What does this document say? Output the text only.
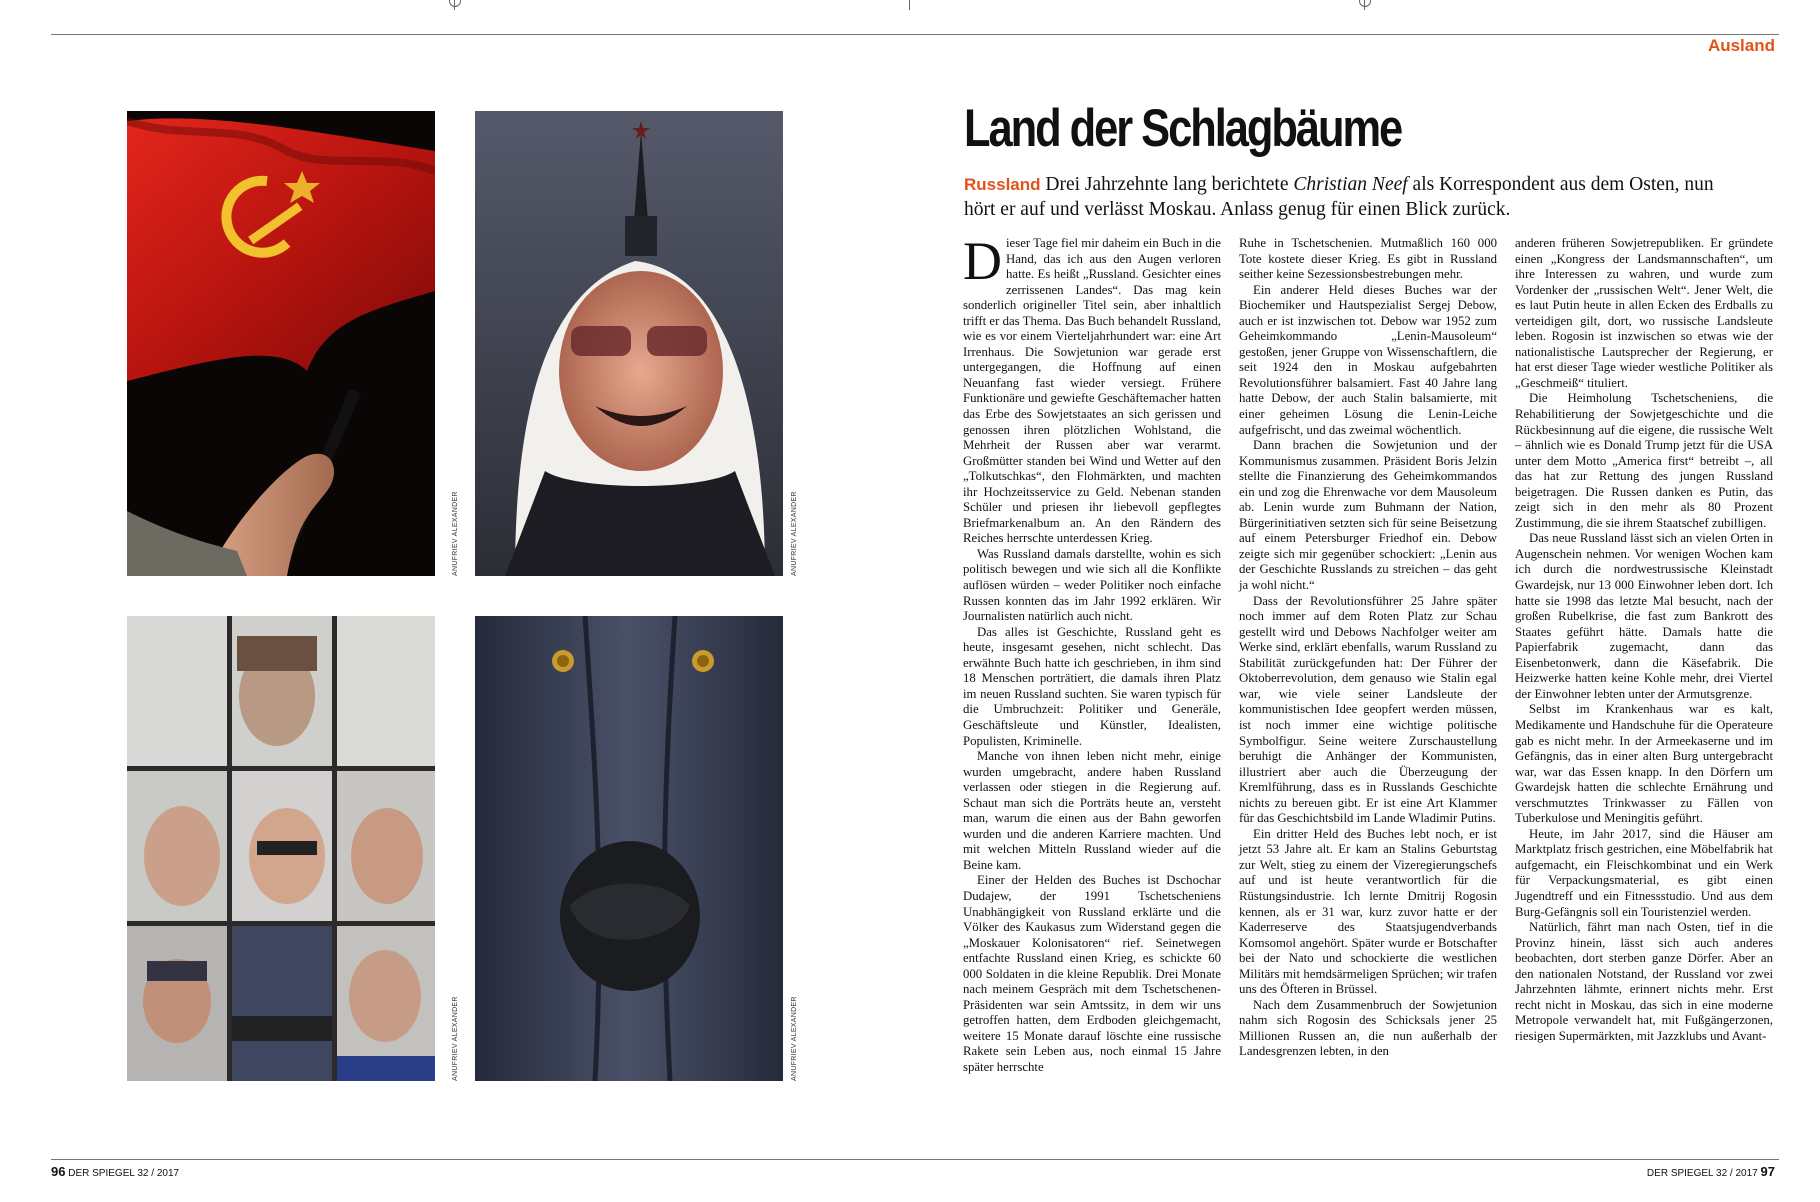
Ausland
ANUFRIEV ALEXANDER	ANUFRIEV ALEXANDER
ANUFRIEV ALEXANDER	ANUFRIEV ALEXANDER
Land der Schlagbäume
Russland Drei Jahrzehnte lang berichtete Christian Neef als Korrespondent aus dem Osten, nun hört er auf und verlässt Moskau. Anlass genug für einen Blick zurück.

Dieser Tage fiel mir daheim ein Buch in die Hand, das ich aus den Augen verloren hatte. Es heißt „Russland. Gesichter eines zerrissenen Landes“. Das mag kein sonderlich origineller Titel sein, aber inhaltlich trifft er das Thema. Das Buch behandelt Russland, wie es vor einem Vierteljahrhundert war: eine Art Irrenhaus. Die Sowjetunion war gerade erst untergegangen, die Hoffnung auf einen Neuanfang fast wieder versiegt. Frühere Funktionäre und gewiefte Geschäftemacher hatten das Erbe des Sowjetstaates an sich gerissen und genossen ihren plötzlichen Wohlstand, die Mehrheit der Russen aber war verarmt. Großmütter standen bei Wind und Wetter auf den „Tolkutschkas“, den Flohmärkten, und machten ihr Hochzeitsservice zu Geld. Nebenan standen Schüler und priesen ihr liebevoll gepflegtes Briefmarkenalbum an. An den Rändern des Reiches herrschte unterdessen Krieg.

Was Russland damals darstellte, wohin es sich politisch bewegen und wie sich all die Konflikte auflösen würden – weder Politiker noch einfache Russen konnten das im Jahr 1992 erklären. Wir Journalisten natürlich auch nicht.

Das alles ist Geschichte, Russland geht es heute, insgesamt gesehen, nicht schlecht. Das erwähnte Buch hatte ich geschrieben, in ihm sind 18 Menschen porträtiert, die damals ihren Platz im neuen Russland suchten. Sie waren typisch für die Umbruchzeit: Politiker und Generäle, Geschäftsleute und Künstler, Idealisten, Populisten, Kriminelle.

Manche von ihnen leben nicht mehr, einige wurden umgebracht, andere haben Russland verlassen oder stiegen in die Regierung auf. Schaut man sich die Porträts heute an, versteht man, warum die einen aus der Bahn geworfen wurden und die anderen Karriere machten. Und mit welchen Mitteln Russland wieder auf die Beine kam.

Einer der Helden des Buches ist Dschochar Dudajew, der 1991 Tschetscheniens Unabhängigkeit von Russland erklärte und die Völker des Kaukasus zum Widerstand gegen die „Moskauer Kolonisatoren“ rief. Seinetwegen entfachte Russland einen Krieg, es schickte 60 000 Soldaten in die kleine Republik. Drei Monate nach meinem Gespräch mit dem Tschetschenen-Präsidenten war sein Amtssitz, in dem wir uns getroffen hatten, dem Erdboden gleichgemacht, weitere 15 Monate darauf löschte eine russische Rakete sein Leben aus, noch einmal 15 Jahre später herrschte

Ruhe in Tschetschenien. Mutmaßlich 160 000 Tote kostete dieser Krieg. Es gibt in Russland seither keine Sezessionsbestrebungen mehr.

Ein anderer Held dieses Buches war der Biochemiker und Hautspezialist Sergej Debow, auch er ist inzwischen tot. Debow war 1952 zum Geheimkommando „Lenin-Mausoleum“ gestoßen, jener Gruppe von Wissenschaftlern, die seit 1924 den in Moskau aufgebahrten Revolutionsführer balsamiert. Fast 40 Jahre lang hatte Debow, der auch Stalin balsamierte, mit einer geheimen Lösung die Lenin-Leiche aufgefrischt, und das zweimal wöchentlich.

Dann brachen die Sowjetunion und der Kommunismus zusammen. Präsident Boris Jelzin stellte die Finanzierung des Geheimkommandos ein und zog die Ehrenwache vor dem Mausoleum ab. Lenin wurde zum Buhmann der Nation, Bürgerinitiativen setzten sich für seine Beisetzung auf einem Petersburger Friedhof ein. Debow zeigte sich mir gegenüber schockiert: „Lenin aus der Geschichte Russlands zu streichen – das geht ja wohl nicht.“

Dass der Revolutionsführer 25 Jahre später noch immer auf dem Roten Platz zur Schau gestellt wird und Debows Nachfolger weiter am Werke sind, erklärt ebenfalls, warum Russland zu Stabilität zurückgefunden hat: Der Führer der Oktoberrevolution, dem genauso wie Stalin egal war, wie viele seiner Landsleute der kommunistischen Idee geopfert werden müssen, ist noch immer eine wichtige politische Symbolfigur. Seine weitere Zurschaustellung beruhigt die Anhänger der Kommunisten, illustriert aber auch die Überzeugung der Kremlführung, dass es in Russlands Geschichte nichts zu bereuen gibt. Er ist eine Art Klammer für das Geschichtsbild im Lande Wladimir Putins.

Ein dritter Held des Buches lebt noch, er ist jetzt 53 Jahre alt. Er kam an Stalins Geburtstag zur Welt, stieg zu einem der Vizeregierungschefs auf und ist heute verantwortlich für die Rüstungsindustrie. Ich lernte Dmitrij Rogosin kennen, als er 31 war, kurz zuvor hatte er der Kaderreserve des Staatsjugendverbands Komsomol angehört. Später wurde er Botschafter bei der Nato und schockierte die westlichen Militärs mit hemdsärmeligen Sprüchen; wir trafen uns des Öfteren in Brüssel.

Nach dem Zusammenbruch der Sowjetunion nahm sich Rogosin des Schicksals jener 25 Millionen Russen an, die nun außerhalb der Landesgrenzen lebten, in den

anderen früheren Sowjetrepubliken. Er gründete einen „Kongress der Landsmannschaften“, um ihre Interessen zu wahren, und wurde zum Vordenker der „russischen Welt“. Jener Welt, die es laut Putin heute in allen Ecken des Erdballs zu verteidigen gilt, dort, wo russische Landsleute leben. Rogosin ist inzwischen so etwas wie der nationalistische Lautsprecher der Regierung, er hat erst dieser Tage wieder westliche Politiker als „Geschmeiß“ tituliert.

Die Heimholung Tschetscheniens, die Rehabilitierung der Sowjetgeschichte und die Rückbesinnung auf die eigene, die russische Welt – ähnlich wie es Donald Trump jetzt für die USA unter dem Motto „America first“ betreibt –, all das hat zur Rettung des jungen Russland beigetragen. Die Russen danken es Putin, das zeigt sich in den mehr als 80 Prozent Zustimmung, die sie ihrem Staatschef zubilligen.

Das neue Russland lässt sich an vielen Orten in Augenschein nehmen. Vor wenigen Wochen kam ich durch die nordwestrussische Kleinstadt Gwardejsk, nur 13 000 Einwohner leben dort. Ich hatte sie 1998 das letzte Mal besucht, nach der großen Rubelkrise, die fast zum Bankrott des Staates geführt hätte. Damals hatte die Papierfabrik zugemacht, dann das Eisenbetonwerk, dann die Käsefabrik. Die Heizwerke hatten keine Kohle mehr, drei Viertel der Einwohner lebten unter der Armutsgrenze.

Selbst im Krankenhaus war es kalt, Medikamente und Handschuhe für die Operateure gab es nicht mehr. In der Armeekaserne und im Gefängnis, das in einer alten Burg untergebracht war, war das Essen knapp. In den Dörfern um Gwardejsk hatten die schlechte Ernährung und verschmutztes Trinkwasser zu Fällen von Tuberkulose und Meningitis geführt.

Heute, im Jahr 2017, sind die Häuser am Marktplatz frisch gestrichen, eine Möbelfabrik hat aufgemacht, ein Fleischkombinat und ein Werk für Verpackungsmaterial, es gibt einen Jugendtreff und ein Fitnessstudio. Und aus dem Burg-Gefängnis soll ein Touristenziel werden.

Natürlich, fährt man nach Osten, tief in die Provinz hinein, lässt sich auch anderes beobachten, dort sterben ganze Dörfer. Aber an den nationalen Notstand, der Russland vor zwei Jahrzehnten lähmte, erinnert nichts mehr. Erst recht nicht in Moskau, das sich in eine moderne Metropole verwandelt hat, mit Fußgängerzonen, riesigen Supermärkten, mit Jazzklubs und Avant-

96 DER SPIEGEL 32 / 2017	DER SPIEGEL 32 / 2017 97
